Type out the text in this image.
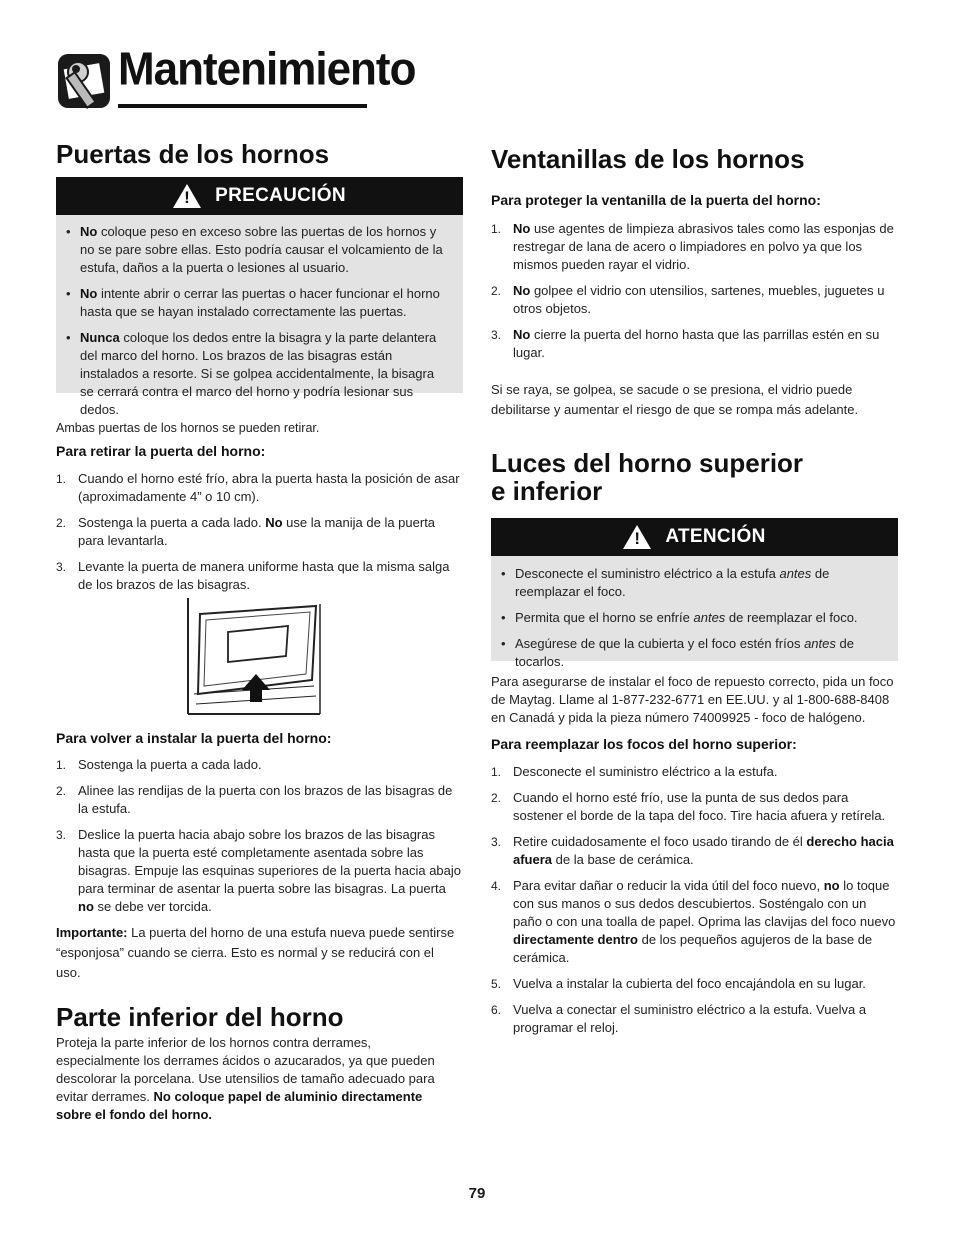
Mantenimiento
Puertas de los hornos
! PRECAUCIÓN
• No coloque peso en exceso sobre las puertas de los hornos y no se pare sobre ellas. Esto podría causar el volcamiento de la estufa, daños a la puerta o lesiones al usuario.
• No intente abrir o cerrar las puertas o hacer funcionar el horno hasta que se hayan instalado correctamente las puertas.
• Nunca coloque los dedos entre la bisagra y la parte delantera del marco del horno. Los brazos de las bisagras están instalados a resorte. Si se golpea accidentalmente, la bisagra se cerrará contra el marco del horno y podría lesionar sus dedos.
Ambas puertas de los hornos se pueden retirar.
Para retirar la puerta del horno:
1. Cuando el horno esté frío, abra la puerta hasta la posición de asar (aproximadamente 4” o 10 cm).
2. Sostenga la puerta a cada lado. No use la manija de la puerta para levantarla.
3. Levante la puerta de manera uniforme hasta que la misma salga de los brazos de las bisagras.
Para volver a instalar la puerta del horno:
1. Sostenga la puerta a cada lado.
2. Alinee las rendijas de la puerta con los brazos de las bisagras de la estufa.
3. Deslice la puerta hacia abajo sobre los brazos de las bisagras hasta que la puerta esté completamente asentada sobre las bisagras. Empuje las esquinas superiores de la puerta hacia abajo para terminar de asentar la puerta sobre las bisagras. La puerta no se debe ver torcida.
Importante: La puerta del horno de una estufa nueva puede sentirse “esponjosa” cuando se cierra. Esto es normal y se reducirá con el uso.
Parte inferior del horno
Proteja la parte inferior de los hornos contra derrames, especialmente los derrames ácidos o azucarados, ya que pueden descolorar la porcelana. Use utensilios de tamaño adecuado para evitar derrames. No coloque papel de aluminio directamente sobre el fondo del horno.
Ventanillas de los hornos
Para proteger la ventanilla de la puerta del horno:
1. No use agentes de limpieza abrasivos tales como las esponjas de restregar de lana de acero o limpiadores en polvo ya que los mismos pueden rayar el vidrio.
2. No golpee el vidrio con utensilios, sartenes, muebles, juguetes u otros objetos.
3. No cierre la puerta del horno hasta que las parrillas estén en su lugar.
Si se raya, se golpea, se sacude o se presiona, el vidrio puede debilitarse y aumentar el riesgo de que se rompa más adelante.
Luces del horno superior
e inferior
! ATENCIÓN
• Desconecte el suministro eléctrico a la estufa antes de reemplazar el foco.
• Permita que el horno se enfríe antes de reemplazar el foco.
• Asegúrese de que la cubierta y el foco estén fríos antes de tocarlos.
Para asegurarse de instalar el foco de repuesto correcto, pida un foco de Maytag. Llame al 1-877-232-6771 en EE.UU. y al 1-800-688-8408 en Canadá y pida la pieza número 74009925 - foco de halógeno.
Para reemplazar los focos del horno superior:
1. Desconecte el suministro eléctrico a la estufa.
2. Cuando el horno esté frío, use la punta de sus dedos para sostener el borde de la tapa del foco. Tire hacia afuera y retírela.
3. Retire cuidadosamente el foco usado tirando de él derecho hacia afuera de la base de cerámica.
4. Para evitar dañar o reducir la vida útil del foco nuevo, no lo toque con sus manos o sus dedos descubiertos. Sosténgalo con un paño o con una toalla de papel. Oprima las clavijas del foco nuevo directamente dentro de los pequeños agujeros de la base de cerámica.
5. Vuelva a instalar la cubierta del foco encajándola en su lugar.
6. Vuelva a conectar el suministro eléctrico a la estufa. Vuelva a programar el reloj.
79
